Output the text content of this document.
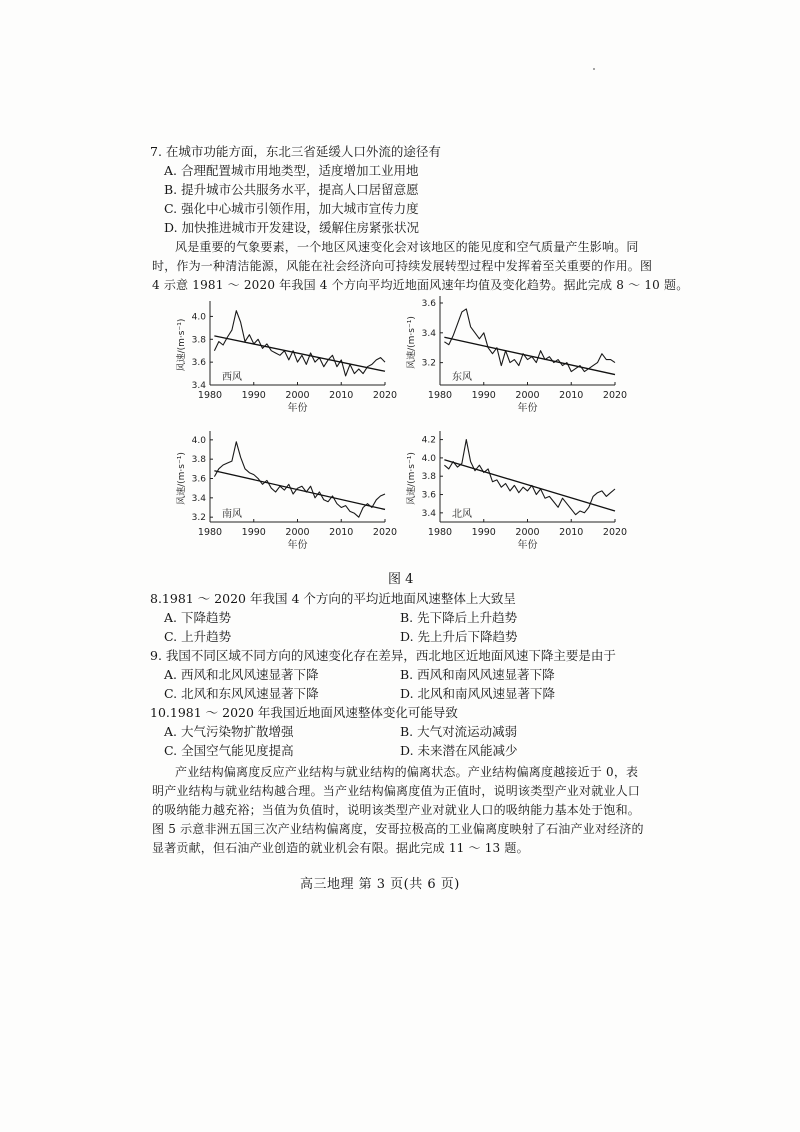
7. 在城市功能方面，东北三省延缓人口外流的途径有
A. 合理配置城市用地类型，适度增加工业用地
B. 提升城市公共服务水平，提高人口居留意愿
C. 强化中心城市引领作用，加大城市宣传力度
D. 加快推进城市开发建设，缓解住房紧张状况
风是重要的气象要素，一个地区风速变化会对该地区的能见度和空气质量产生影响。同
时，作为一种清洁能源，风能在社会经济向可持续发展转型过程中发挥着至关重要的作用。图
4 示意 1981 ～ 2020 年我国 4 个方向平均近地面风速年均值及变化趋势。据此完成 8 ～ 10 题。
1980 1990 2000 2010 2020
3.4
3.6
3.8
4.0
年份
风速/(m·s⁻¹)
西风
1980 1990 2000 2010 2020
3.2
3.4
3.6
年份
风速/(m·s⁻¹)
东风
1980 1990 2000 2010 2020
3.2
3.4
3.6
3.8
4.0
年份
风速/(m·s⁻¹)
南风
1980 1990 2000 2010 2020
3.4
3.6
3.8
4.0
4.2
年份
风速/(m·s⁻¹)
北风
图 4
8.1981 ～ 2020 年我国 4 个方向的平均近地面风速整体上大致呈
A. 下降趋势	B. 先下降后上升趋势
C. 上升趋势	D. 先上升后下降趋势
9. 我国不同区域不同方向的风速变化存在差异，西北地区近地面风速下降主要是由于
A. 西风和北风风速显著下降	B. 西风和南风风速显著下降
C. 北风和东风风速显著下降	D. 北风和南风风速显著下降
10.1981 ～ 2020 年我国近地面风速整体变化可能导致
A. 大气污染物扩散增强	B. 大气对流运动减弱
C. 全国空气能见度提高	D. 未来潜在风能减少
产业结构偏离度反应产业结构与就业结构的偏离状态。产业结构偏离度越接近于 0，表
明产业结构与就业结构越合理。当产业结构偏离度值为正值时，说明该类型产业对就业人口
的吸纳能力越充裕；当值为负值时，说明该类型产业对就业人口的吸纳能力基本处于饱和。
图 5 示意非洲五国三次产业结构偏离度，安哥拉极高的工业偏离度映射了石油产业对经济的
显著贡献，但石油产业创造的就业机会有限。据此完成 11 ～ 13 题。
高三地理 第 3 页(共 6 页)
